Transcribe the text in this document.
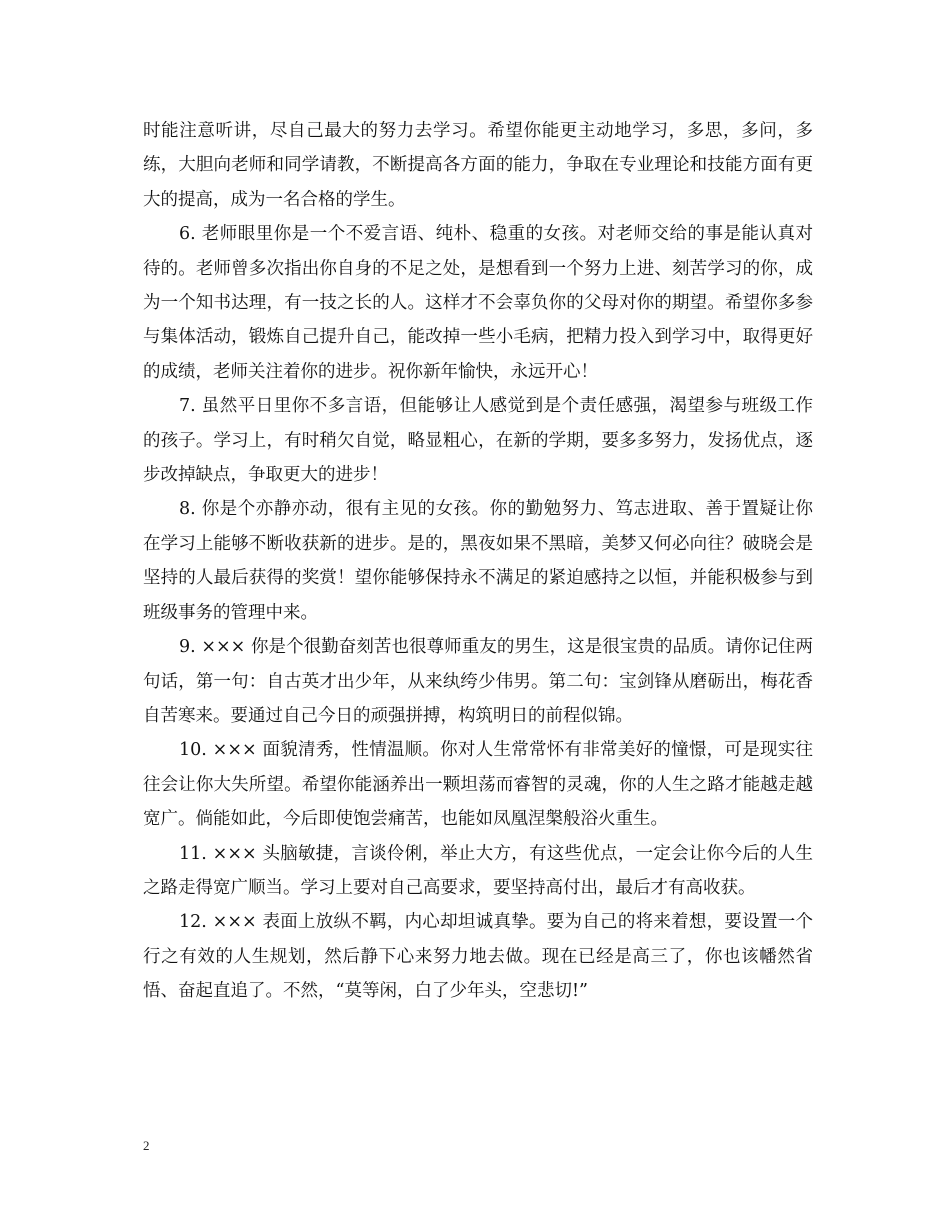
时能注意听讲，尽自己最大的努力去学习。希望你能更主动地学习，多思，多问，多练，大胆向老师和同学请教，不断提高各方面的能力，争取在专业理论和技能方面有更大的提高，成为一名合格的学生。

6. 老师眼里你是一个不爱言语、纯朴、稳重的女孩。对老师交给的事是能认真对待的。老师曾多次指出你自身的不足之处，是想看到一个努力上进、刻苦学习的你，成为一个知书达理，有一技之长的人。这样才不会辜负你的父母对你的期望。希望你多参与集体活动，锻炼自己提升自己，能改掉一些小毛病，把精力投入到学习中，取得更好的成绩，老师关注着你的进步。祝你新年愉快，永远开心！

7. 虽然平日里你不多言语，但能够让人感觉到是个责任感强，渴望参与班级工作的孩子。学习上，有时稍欠自觉，略显粗心，在新的学期，要多多努力，发扬优点，逐步改掉缺点，争取更大的进步！

8. 你是个亦静亦动，很有主见的女孩。你的勤勉努力、笃志进取、善于置疑让你在学习上能够不断收获新的进步。是的，黑夜如果不黑暗，美梦又何必向往？破晓会是坚持的人最后获得的奖赏！望你能够保持永不满足的紧迫感持之以恒，并能积极参与到班级事务的管理中来。

9. ××× 你是个很勤奋刻苦也很尊师重友的男生，这是很宝贵的品质。请你记住两句话，第一句：自古英才出少年，从来纨绔少伟男。第二句：宝剑锋从磨砺出，梅花香自苦寒来。要通过自己今日的顽强拼搏，构筑明日的前程似锦。

10. ××× 面貌清秀，性情温顺。你对人生常常怀有非常美好的憧憬，可是现实往往会让你大失所望。希望你能涵养出一颗坦荡而睿智的灵魂，你的人生之路才能越走越宽广。倘能如此，今后即使饱尝痛苦，也能如凤凰涅槃般浴火重生。

11. ××× 头脑敏捷，言谈伶俐，举止大方，有这些优点，一定会让你今后的人生之路走得宽广顺当。学习上要对自己高要求，要坚持高付出，最后才有高收获。

12. ××× 表面上放纵不羁，内心却坦诚真挚。要为自己的将来着想，要设置一个行之有效的人生规划，然后静下心来努力地去做。现在已经是高三了，你也该幡然省悟、奋起直追了。不然，“莫等闲，白了少年头，空悲切!”

2
